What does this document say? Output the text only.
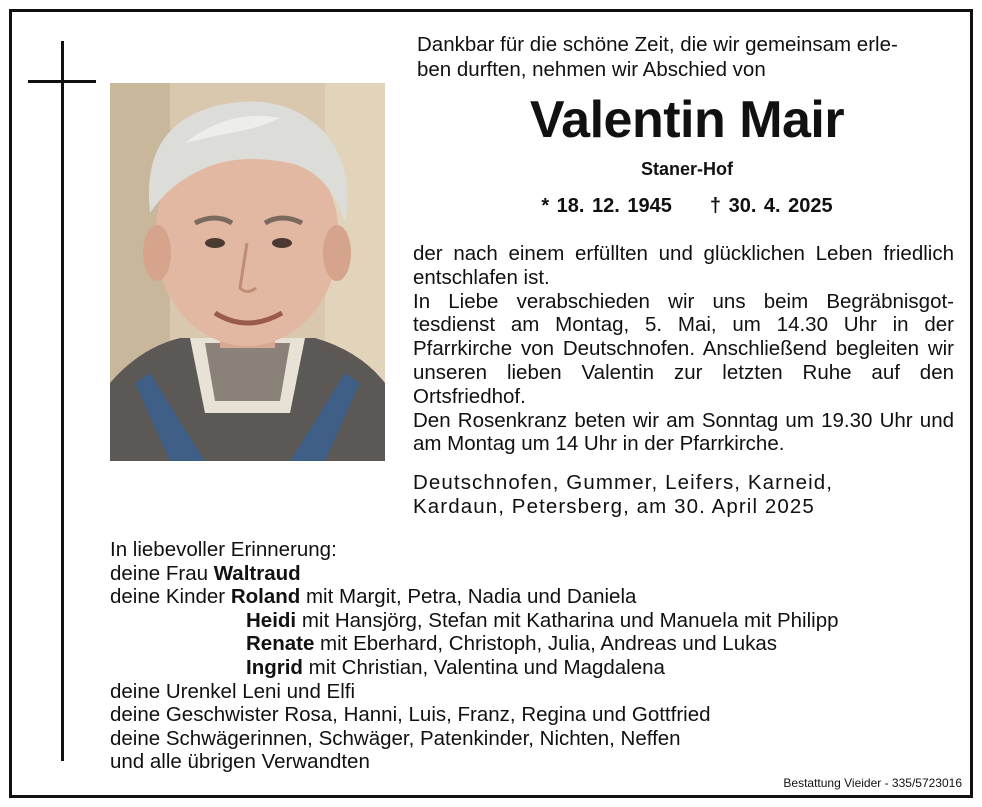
Dankbar für die schöne Zeit, die wir gemeinsam erle-
ben durften, nehmen wir Abschied von
Valentin Mair
Staner-Hof
* 18. 12. 1945 † 30. 4. 2025

der nach einem erfüllten und glücklichen Leben friedlich entschlafen ist.

In Liebe verabschieden wir uns beim Begräbnisgottesdienst am Montag, 5. Mai, um 14.30 Uhr in der Pfarrkirche von Deutschnofen. Anschließend begleiten wir unseren lieben Valentin zur letzten Ruhe auf den Ortsfriedhof.

Den Rosenkranz beten wir am Sonntag um 19.30 Uhr und am Montag um 14 Uhr in der Pfarrkirche.

Deutschnofen, Gummer, Leifers, Karneid,
Kardaun, Petersberg, am 30. April 2025
In liebevoller Erinnerung:
deine Frau Waltraud
deine Kinder Roland mit Margit, Petra, Nadia und Daniela
Heidi mit Hansjörg, Stefan mit Katharina und Manuela mit Philipp
Renate mit Eberhard, Christoph, Julia, Andreas und Lukas
Ingrid mit Christian, Valentina und Magdalena
deine Urenkel Leni und Elfi
deine Geschwister Rosa, Hanni, Luis, Franz, Regina und Gottfried
deine Schwägerinnen, Schwäger, Patenkinder, Nichten, Neffen
und alle übrigen Verwandten
Bestattung Vieider - 335/5723016
